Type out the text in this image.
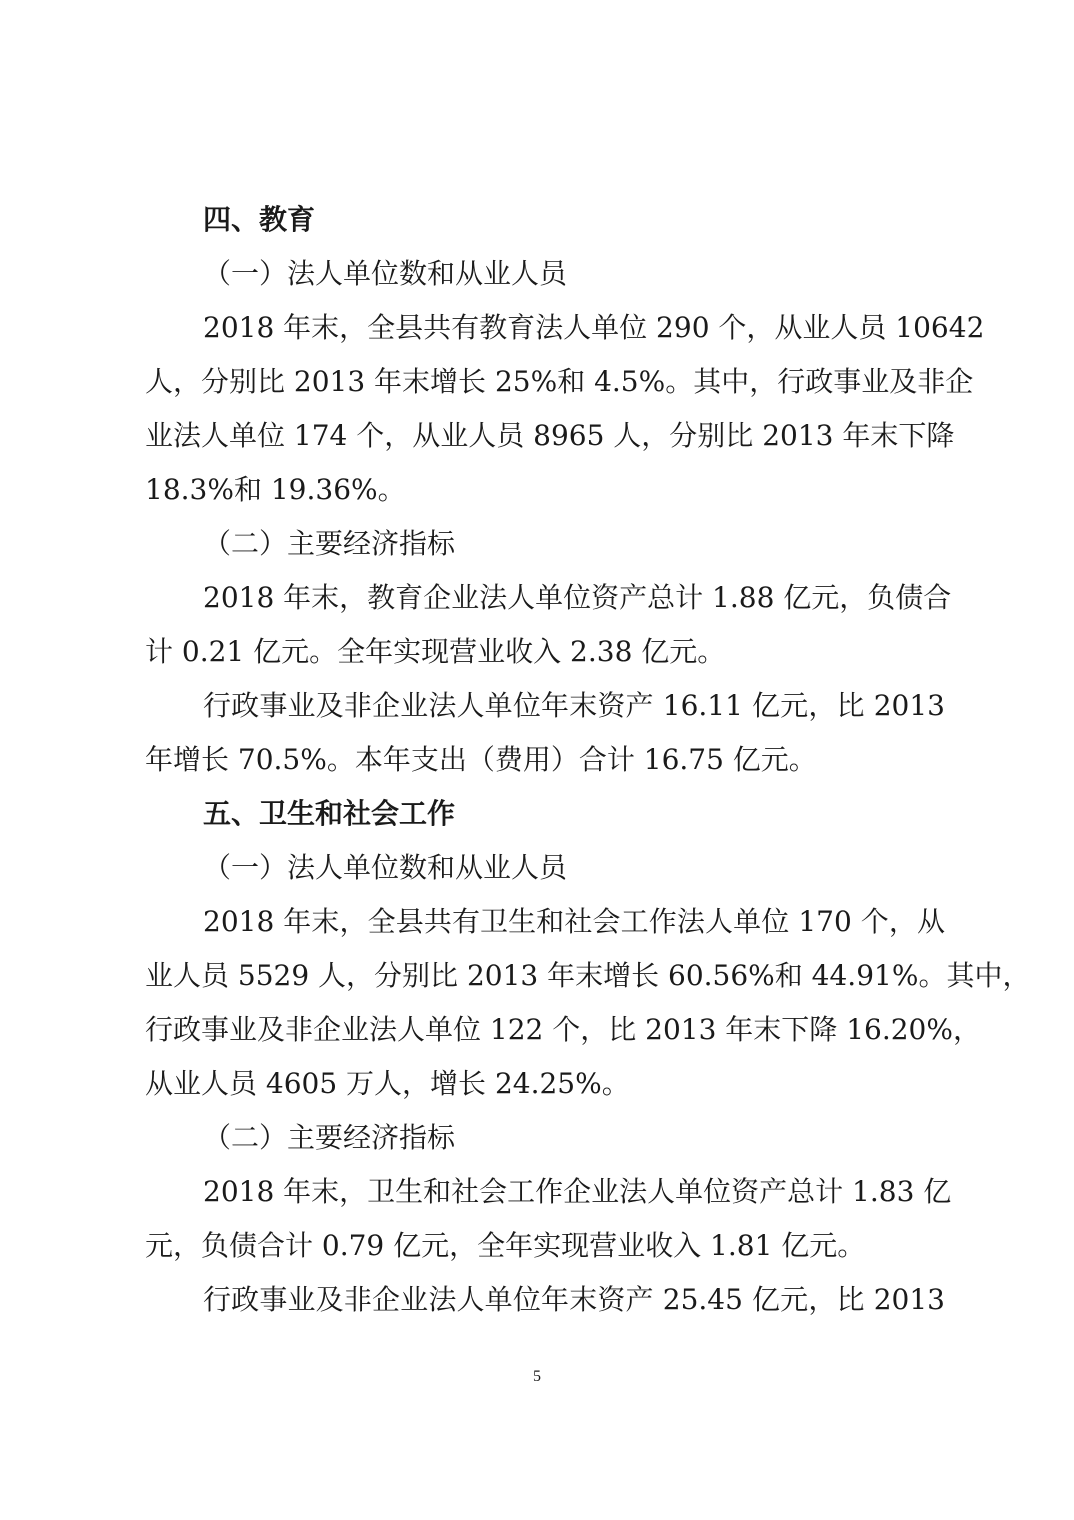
四、教育
（一）法人单位数和从业人员
2018 年末，全县共有教育法人单位 290 个，从业人员 10642
人，分别比 2013 年末增长 25%和 4.5%。其中，行政事业及非企
业法人单位 174 个，从业人员 8965 人，分别比 2013 年末下降
18.3%和 19.36%。
（二）主要经济指标
2018 年末，教育企业法人单位资产总计 1.88 亿元，负债合
计 0.21 亿元。全年实现营业收入 2.38 亿元。
行政事业及非企业法人单位年末资产 16.11 亿元，比 2013
年增长 70.5%。本年支出（费用）合计 16.75 亿元。
五、卫生和社会工作
（一）法人单位数和从业人员
2018 年末，全县共有卫生和社会工作法人单位 170 个，从
业人员 5529 人，分别比 2013 年末增长 60.56%和 44.91%。其中，
行政事业及非企业法人单位 122 个，比 2013 年末下降 16.20%，
从业人员 4605 万人，增长 24.25%。
（二）主要经济指标
2018 年末，卫生和社会工作企业法人单位资产总计 1.83 亿
元，负债合计 0.79 亿元，全年实现营业收入 1.81 亿元。
行政事业及非企业法人单位年末资产 25.45 亿元，比 2013
5
